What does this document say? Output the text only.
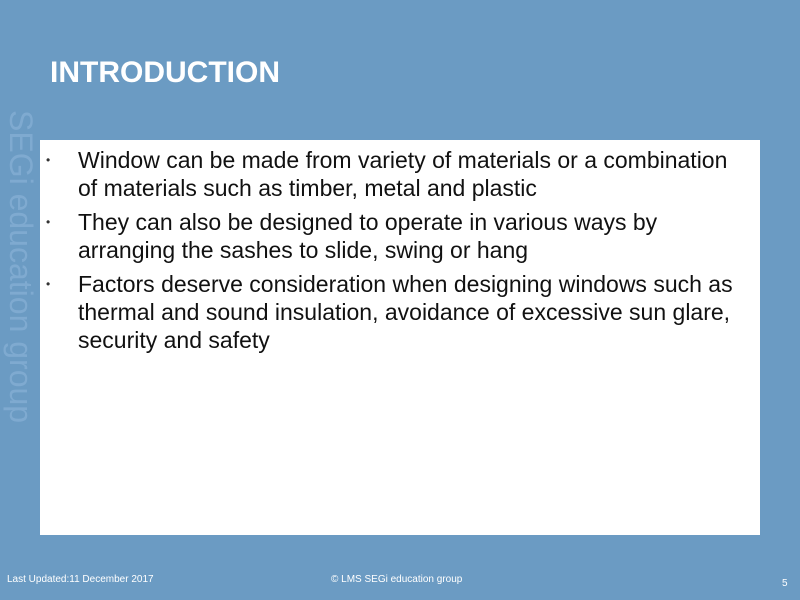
SEGi education group
INTRODUCTION
• Window can be made from variety of materials or a combination of materials such as timber, metal and plastic
• They can also be designed to operate in various ways by arranging the sashes to slide, swing or hang
• Factors deserve consideration when designing windows such as thermal and sound insulation, avoidance of excessive sun glare, security and safety
Last Updated:11 December 2017	© LMS SEGi education group	5
